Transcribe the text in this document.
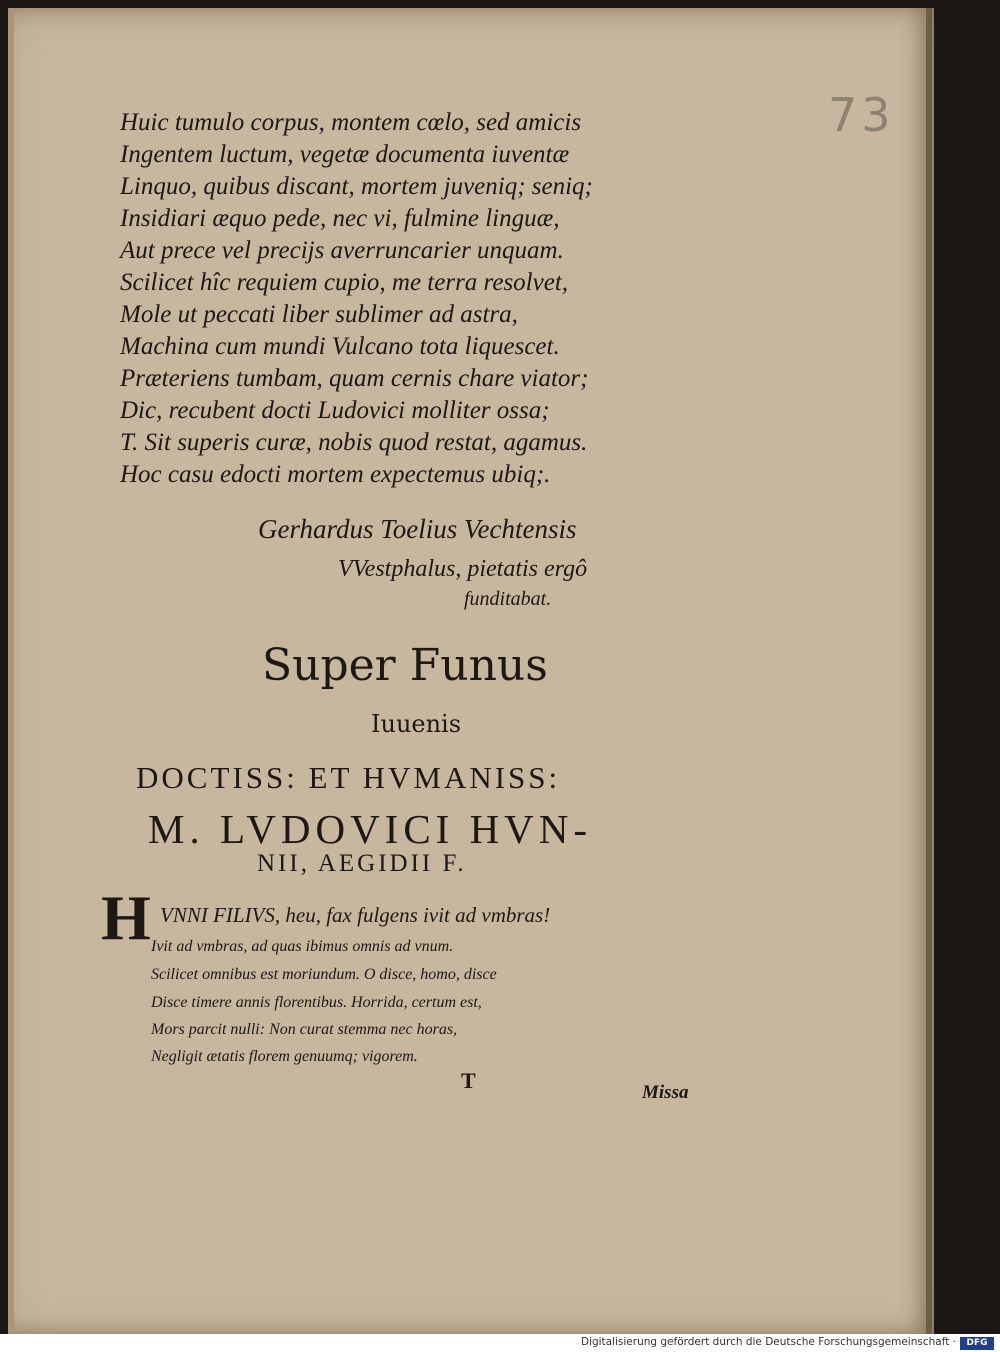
73
Huic tumulo corpus, montem cœlo, sed amicis
Ingentem luctum, vegetæ documenta iuventæ
Linquo, quibus discant, mortem juveniq; seniq;
Insidiari æquo pede, nec vi, fulmine linguæ,
Aut prece vel precijs averruncarier unquam.
Scilicet hîc requiem cupio, me terra resolvet,
Mole ut peccati liber sublimer ad astra,
Machina cum mundi Vulcano tota liquescet.
Præteriens tumbam, quam cernis chare viator;
Dic, recubent docti Ludovici molliter ossa;
T. Sit superis curæ, nobis quod restat, agamus.
Hoc casu edocti mortem expectemus ubiq;.
Gerhardus Toelius Vechtensis
VVestphalus, pietatis ergô
funditabat.
Super Funus
Iuuenis
DOCTISS: ET HVMANISS:
M. LVDOVICI HVN-
NII, AEGIDII F.
H VNNI FILIVS, heu, fax fulgens ivit ad vmbras!
Ivit ad vmbras, ad quas ibimus omnis ad vnum.
Scilicet omnibus est moriundum. O disce, homo, disce
Disce timere annis florentibus. Horrida, certum est,
Mors parcit nulli: Non curat stemma nec horas,
Negligit ætatis florem genuumq; vigorem.
T	Missa
Digitalisierung gefördert durch die Deutsche Forschungsgemeinschaft ·	DFG
